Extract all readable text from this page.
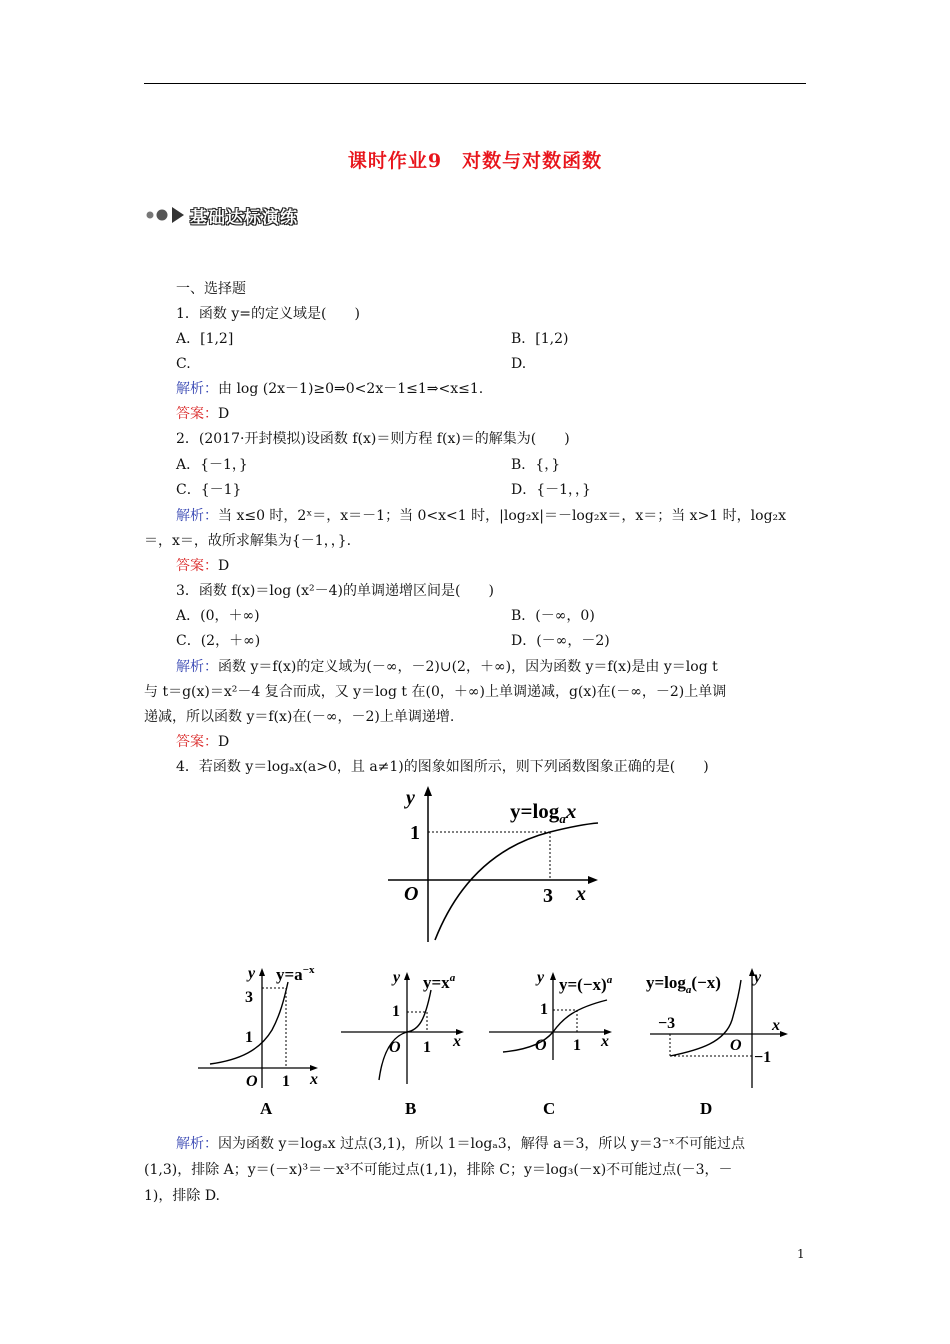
课时作业9　对数与对数函数
基础达标演练
一、选择题
1．函数 y=的定义域是(　　)
A．[1,2]	B．[1,2)
C.	D.
解析：由 log (2x－1)≥0⇒0<2x－1≤1⇒<x≤1.
答案：D
2．(2017·开封模拟)设函数 f(x)＝则方程 f(x)＝的解集为(　　)
A．{－1，}	B．{，}
C．{－1}	D．{－1，，}
解析：当 x≤0 时，2ˣ＝，x＝－1；当 0<x<1 时，|log₂x|＝－log₂x＝，x＝；当 x>1 时，log₂x
＝，x＝，故所求解集为{－1，，}.
答案：D
3．函数 f(x)＝log (x²－4)的单调递增区间是(　　)
A．(0，＋∞)	B．(－∞，0)
C．(2，＋∞)	D．(－∞，－2)
解析：函数 y＝f(x)的定义域为(－∞，－2)∪(2，＋∞)，因为函数 y＝f(x)是由 y＝log t
与 t＝g(x)＝x²－4 复合而成，又 y＝log t 在(0，＋∞)上单调递减，g(x)在(－∞，－2)上单调
递减，所以函数 y＝f(x)在(－∞，－2)上单调递增.
答案：D
4．若函数 y＝logₐx(a>0，且 a≠1)的图象如图所示，则下列函数图象正确的是(　　)
y
1
O	3 x
$y=\log_ax$
y
3
1
O 1 x
$y=a^{-x}$
A
y
1
O 1 x
$y=x^a$
B
y
1
O 1 x
$y=(-x)^a$
C
$y=\log_a(-x)$ y
−3
O
−1
x
D
解析：因为函数 y＝logₐx 过点(3,1)，所以 1＝logₐ3，解得 a＝3，所以 y＝3⁻ˣ不可能过点
(1,3)，排除 A；y＝(－x)³＝－x³不可能过点(1,1)，排除 C；y＝log₃(－x)不可能过点(－3，－
1)，排除 D.
1
